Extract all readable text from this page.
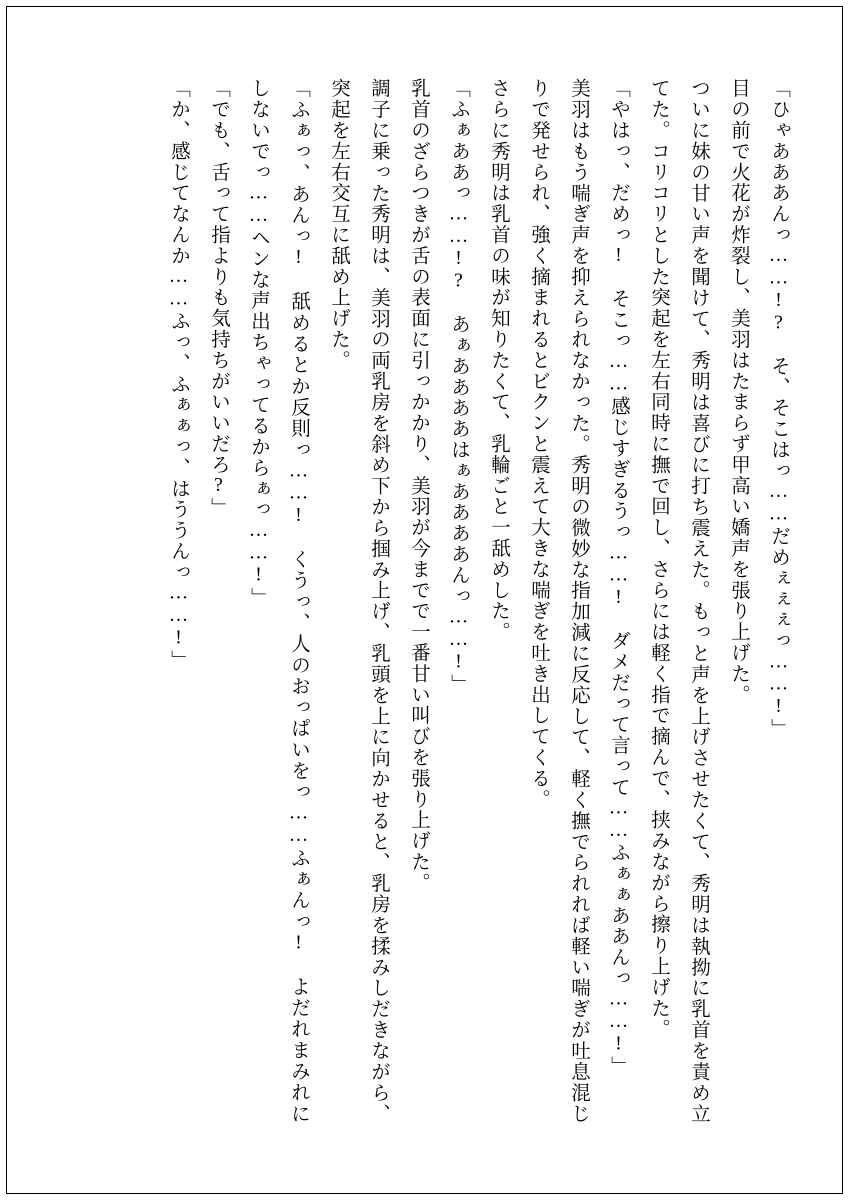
「ひゃあああんっ……!?　そ、そこはっ……だめぇぇぇっ……!」

目の前で火花が炸裂し、美羽はたまらず甲高い嬌声を張り上げた。

ついに妹の甘い声を聞けて、秀明は喜びに打ち震えた。もっと声を上げさせたくて、秀明は執拗に乳首を責め立てた。コリコリとした突起を左右同時に撫で回し、さらには軽く指で摘んで、挟みながら擦り上げた。

「やはっ、だめっ!　そこっ……感じすぎるうっ……!　ダメだって言って……ふぁぁああんっ……!」

美羽はもう喘ぎ声を抑えられなかった。秀明の微妙な指加減に反応して、軽く撫でられれば軽い喘ぎが吐息混じりで発せられ、強く摘まれるとビクンと震えて大きな喘ぎを吐き出してくる。

さらに秀明は乳首の味が知りたくて、乳輪ごと一舐めした。

「ふぁああっ……!?　あぁああああはぁああああんっ……!」

乳首のざらつきが舌の表面に引っかかり、美羽が今までで一番甘い叫びを張り上げた。

調子に乗った秀明は、美羽の両乳房を斜め下から掴み上げ、乳頭を上に向かせると、乳房を揉みしだきながら、突起を左右交互に舐め上げた。

「ふぁっ、あんっ!　舐めるとか反則っ……!　くうっ、人のおっぱいをっ……ふぁんっ!　よだれまみれにしないでっ……ヘンな声出ちゃってるからぁっ……!」

「でも、舌って指よりも気持ちがいいだろ?」

「か、感じてなんか……ふっ、ふぁぁっ、はううんっ……!」
